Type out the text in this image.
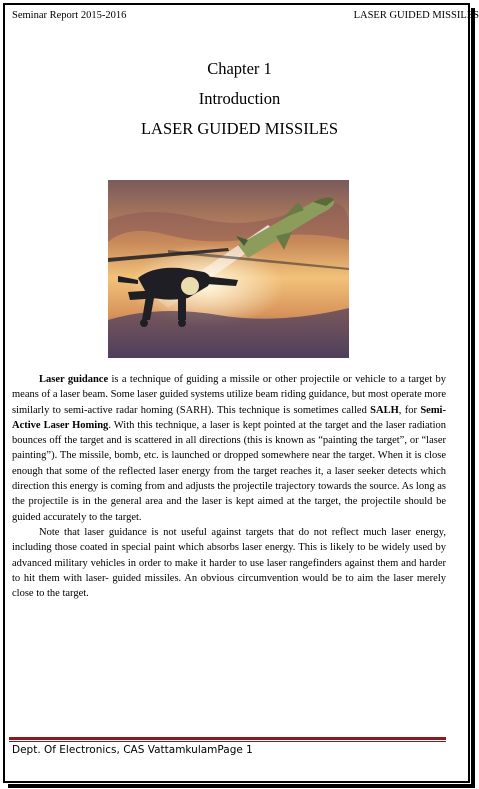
Seminar Report 2015-2016	LASER GUIDED MISSILES
Chapter 1
Introduction
LASER GUIDED MISSILES

Laser guidance is a technique of guiding a missile or other projectile or vehicle to a target by means of a laser beam. Some laser guided systems utilize beam riding guidance, but most operate more similarly to semi-active radar homing (SARH). This technique is sometimes called SALH, for Semi-Active Laser Homing. With this technique, a laser is kept pointed at the target and the laser radiation bounces off the target and is scattered in all directions (this is known as “painting the target”, or “laser painting”). The missile, bomb, etc. is launched or dropped somewhere near the target. When it is close enough that some of the reflected laser energy from the target reaches it, a laser seeker detects which direction this energy is coming from and adjusts the projectile trajectory towards the source. As long as the projectile is in the general area and the laser is kept aimed at the target, the projectile should be guided accurately to the target.

Note that laser guidance is not useful against targets that do not reflect much laser energy, including those coated in special paint which absorbs laser energy. This is likely to be widely used by advanced military vehicles in order to make it harder to use laser rangefinders against them and harder to hit them with laser- guided missiles. An obvious circumvention would be to aim the laser merely close to the target.

Dept. Of Electronics, CAS VattamkulamPage 1
